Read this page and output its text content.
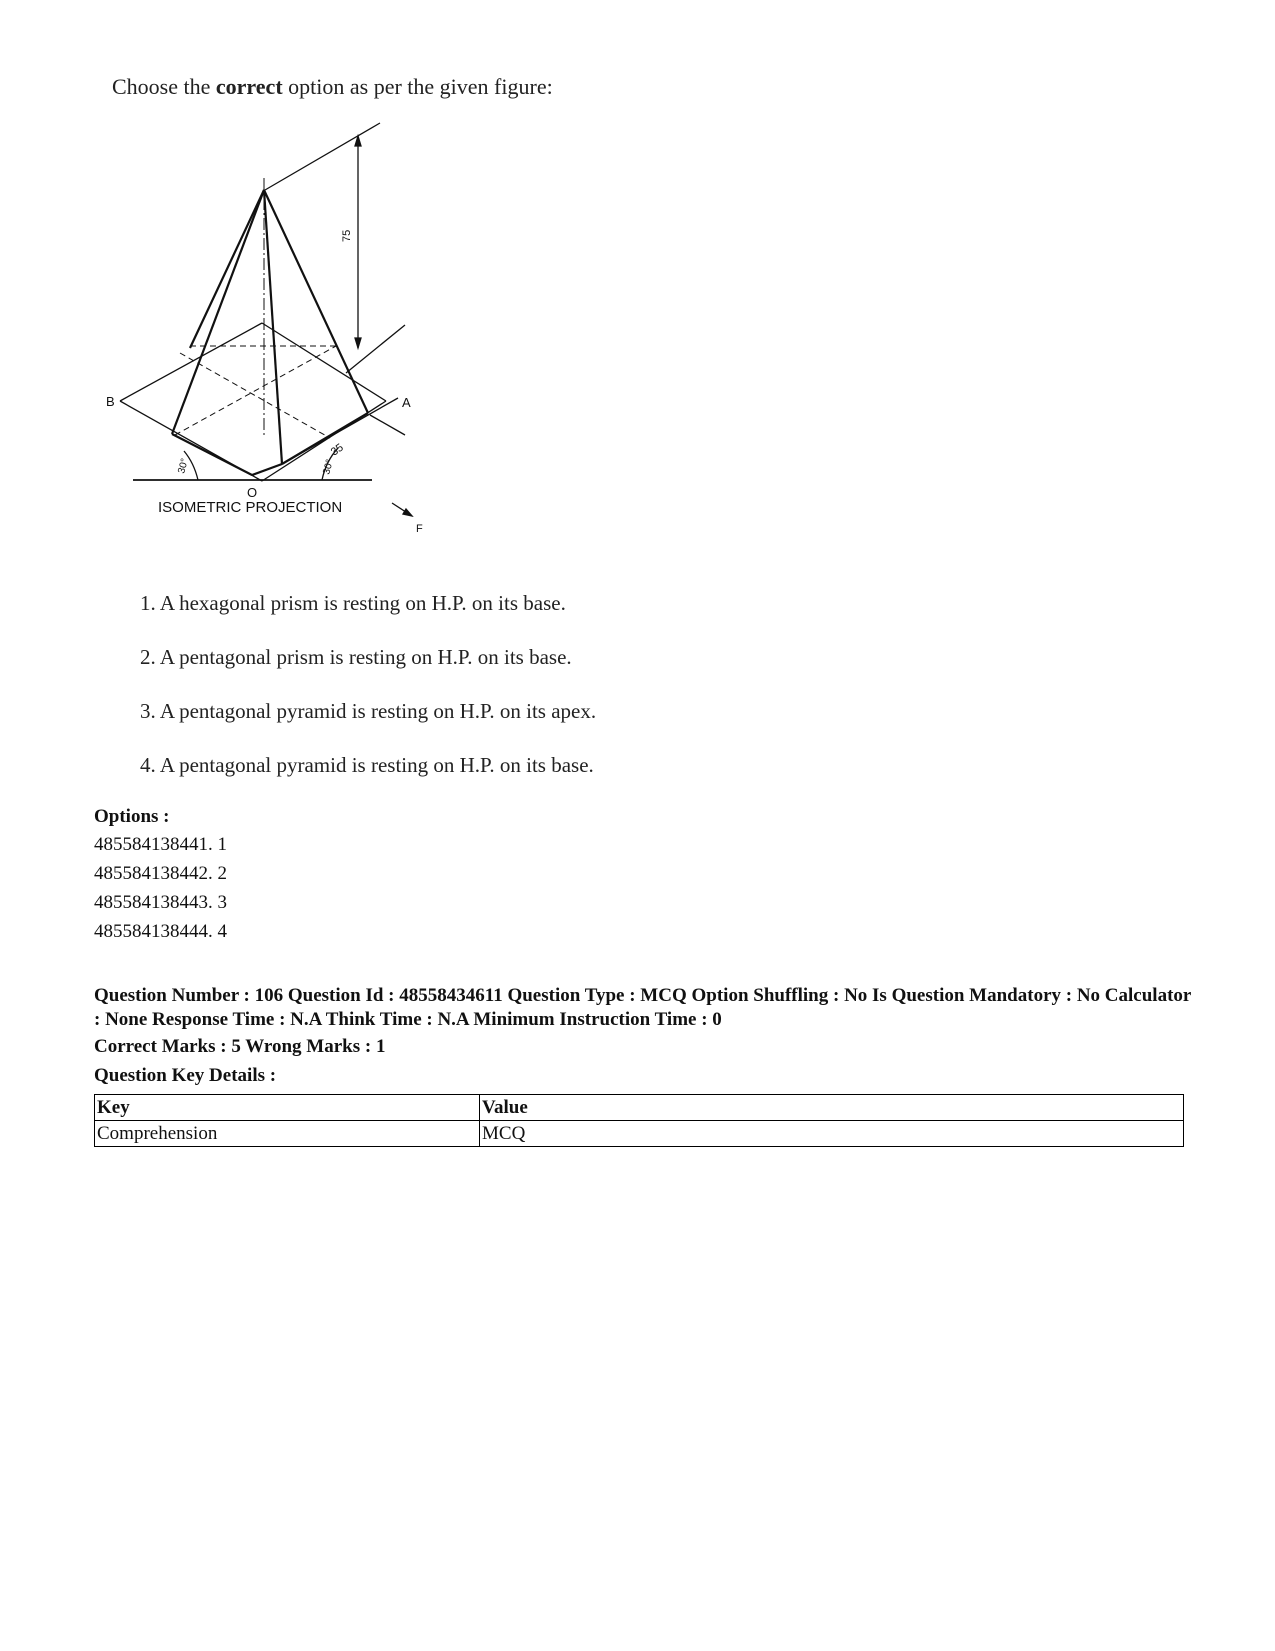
Choose the correct option as per the given figure:
75
35
30°	30°
B	A
O
F
ISOMETRIC PROJECTION
1. A hexagonal prism is resting on H.P. on its base.
2. A pentagonal prism is resting on H.P. on its base.
3. A pentagonal pyramid is resting on H.P. on its apex.
4. A pentagonal pyramid is resting on H.P. on its base.
Options :
485584138441. 1
485584138442. 2
485584138443. 3
485584138444. 4
Question Number : 106 Question Id : 48558434611 Question Type : MCQ Option Shuffling : No Is Question Mandatory : No Calculator : None Response Time : N.A Think Time : N.A Minimum Instruction Time : 0
Correct Marks : 5 Wrong Marks : 1
Question Key Details :
Key	Value
Comprehension	MCQ
